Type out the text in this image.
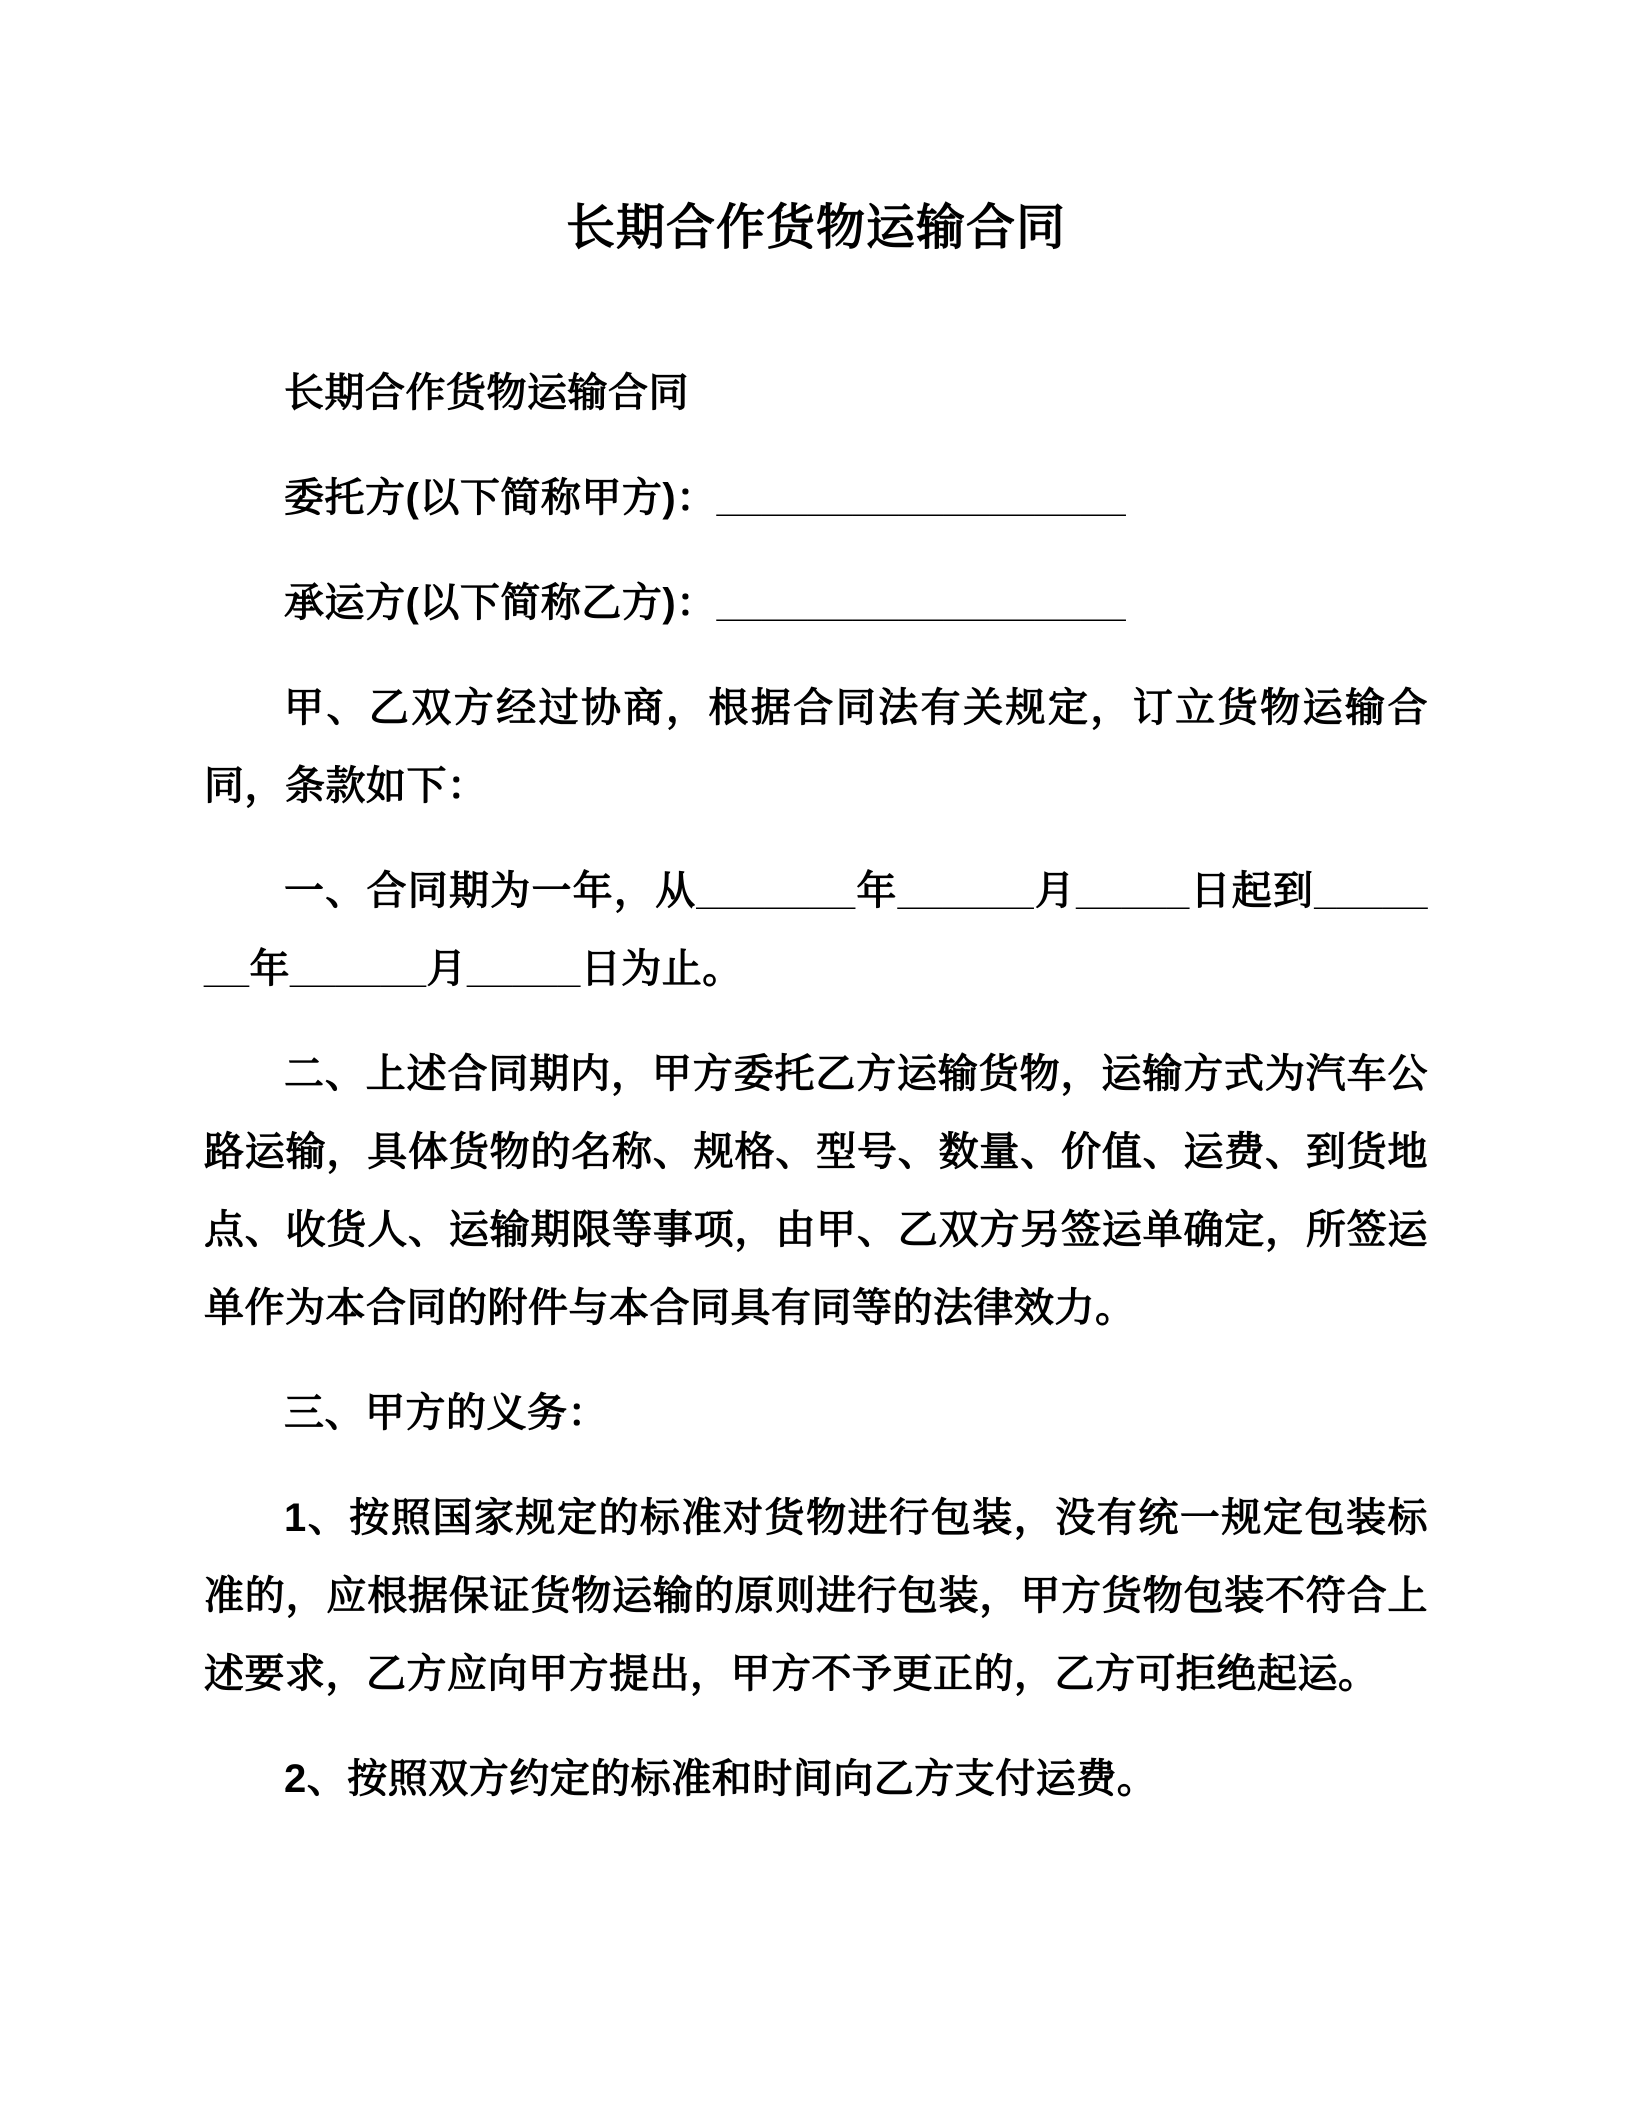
长期合作货物运输合同

长期合作货物运输合同

委托方(以下简称甲方)：__________________

承运方(以下简称乙方)：__________________

甲、乙双方经过协商，根据合同法有关规定，订立货物运输合同，条款如下：

一、合同期为一年，从_______年______月_____日起到_______年______月_____日为止。

二、上述合同期内，甲方委托乙方运输货物，运输方式为汽车公路运输，具体货物的名称、规格、型号、数量、价值、运费、到货地点、收货人、运输期限等事项，由甲、乙双方另签运单确定，所签运单作为本合同的附件与本合同具有同等的法律效力。

三、甲方的义务：

1、按照国家规定的标准对货物进行包装，没有统一规定包装标准的，应根据保证货物运输的原则进行包装，甲方货物包装不符合上述要求，乙方应向甲方提出，甲方不予更正的，乙方可拒绝起运。

2、按照双方约定的标准和时间向乙方支付运费。
